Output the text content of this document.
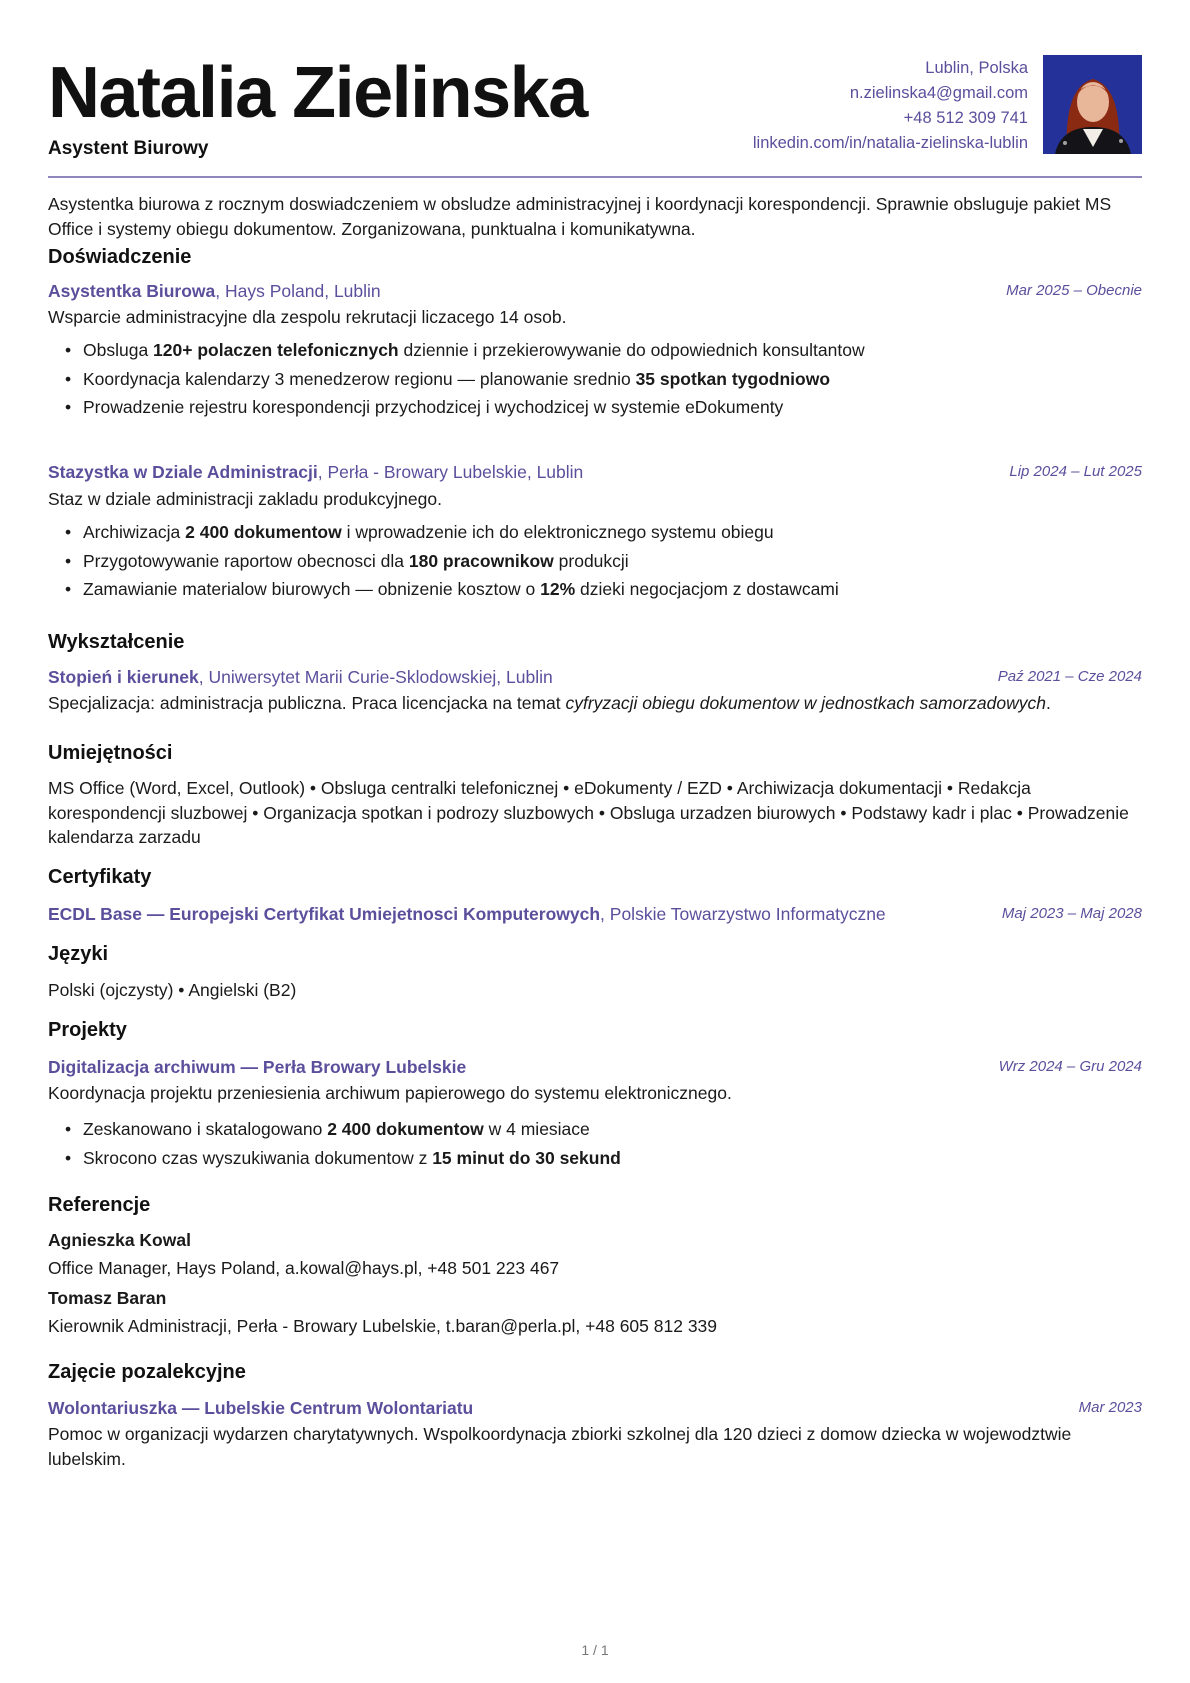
Natalia Zielinska
Asystent Biurowy
Lublin, Polska
n.zielinska4@gmail.com
+48 512 309 741
linkedin.com/in/natalia-zielinska-lublin

Asystentka biurowa z rocznym doswiadczeniem w obsludze administracyjnej i koordynacji korespondencji. Sprawnie obsluguje pakiet MS Office i systemy obiegu dokumentow. Zorganizowana, punktualna i komunikatywna.

Doświadczenie
Asystentka Biurowa, Hays Poland, Lublin	Mar 2025 – Obecnie

Wsparcie administracyjne dla zespolu rekrutacji liczacego 14 osob.

• Obsluga 120+ polaczen telefonicznych dziennie i przekierowywanie do odpowiednich konsultantow
• Koordynacja kalendarzy 3 menedzerow regionu — planowanie srednio 35 spotkan tygodniowo
• Prowadzenie rejestru korespondencji przychodzicej i wychodzicej w systemie eDokumenty
Stazystka w Dziale Administracji, Perła - Browary Lubelskie, Lublin	Lip 2024 – Lut 2025

Staz w dziale administracji zakladu produkcyjnego.

• Archiwizacja 2 400 dokumentow i wprowadzenie ich do elektronicznego systemu obiegu
• Przygotowywanie raportow obecnosci dla 180 pracownikow produkcji
• Zamawianie materialow biurowych — obnizenie kosztow o 12% dzieki negocjacjom z dostawcami
Wykształcenie
Stopień i kierunek, Uniwersytet Marii Curie-Sklodowskiej, Lublin	Paź 2021 – Cze 2024

Specjalizacja: administracja publiczna. Praca licencjacka na temat cyfryzacji obiegu dokumentow w jednostkach samorzadowych.

Umiejętności

MS Office (Word, Excel, Outlook) • Obsluga centralki telefonicznej • eDokumenty / EZD • Archiwizacja dokumentacji • Redakcja korespondencji sluzbowej • Organizacja spotkan i podrozy sluzbowych • Obsluga urzadzen biurowych • Podstawy kadr i plac • Prowadzenie kalendarza zarzadu

Certyfikaty
ECDL Base — Europejski Certyfikat Umiejetnosci Komputerowych, Polskie Towarzystwo Informatyczne	Maj 2023 – Maj 2028
Języki

Polski (ojczysty) • Angielski (B2)

Projekty
Digitalizacja archiwum — Perła Browary Lubelskie	Wrz 2024 – Gru 2024

Koordynacja projektu przeniesienia archiwum papierowego do systemu elektronicznego.

• Zeskanowano i skatalogowano 2 400 dokumentow w 4 miesiace
• Skrocono czas wyszukiwania dokumentow z 15 minut do 30 sekund
Referencje
Agnieszka Kowal

Office Manager, Hays Poland, a.kowal@hays.pl, +48 501 223 467

Tomasz Baran

Kierownik Administracji, Perła - Browary Lubelskie, t.baran@perla.pl, +48 605 812 339

Zajęcie pozalekcyjne
Wolontariuszka — Lubelskie Centrum Wolontariatu	Mar 2023

Pomoc w organizacji wydarzen charytatywnych. Wspolkoordynacja zbiorki szkolnej dla 120 dzieci z domow dziecka w wojewodztwie lubelskim.

1 / 1
